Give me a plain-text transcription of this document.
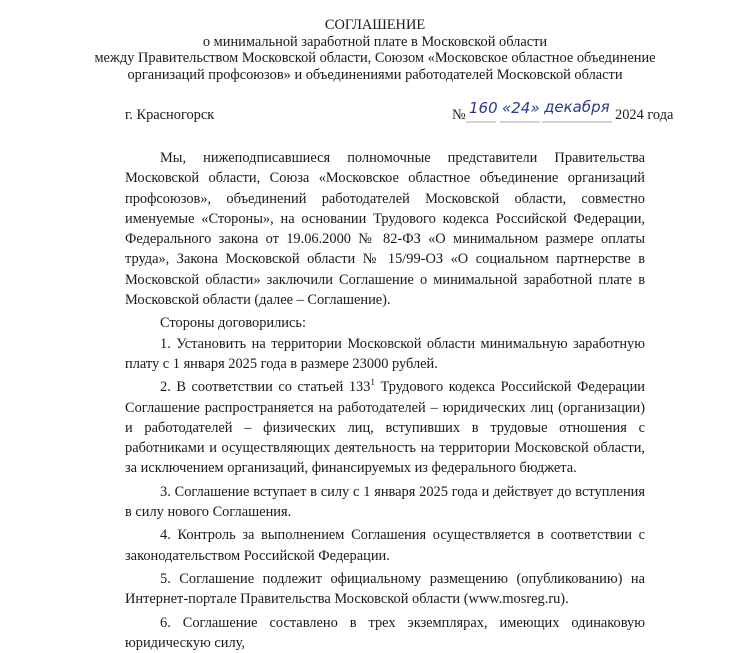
СОГЛАШЕНИЕ
о минимальной заработной плате в Московской области
между Правительством Московской области, Союзом «Московское областное объединение
организаций профсоюзов» и объединениями работодателей Московской области
г. Красногорск	№ 160 «24» декабря 2024 года

Мы, нижеподписавшиеся полномочные представители Правительства Московской области, Союза «Московское областное объединение организаций профсоюзов», объединений работодателей Московской области, совместно именуемые «Стороны», на основании Трудового кодекса Российской Федерации, Федерального закона от 19.06.2000 № 82-ФЗ «О минимальном размере оплаты труда», Закона Московской области № 15/99-ОЗ «О социальном партнерстве в Московской области» заключили Соглашение о минимальной заработной плате в Московской области (далее – Соглашение).

Стороны договорились:

1. Установить на территории Московской области минимальную заработную плату с 1 января 2025 года в размере 23000 рублей.

2. В соответствии со статьей $133^1$ Трудового кодекса Российской Федерации Соглашение распространяется на работодателей – юридических лиц (организации) и работодателей – физических лиц, вступивших в трудовые отношения с работниками и осуществляющих деятельность на территории Московской области, за исключением организаций, финансируемых из федерального бюджета.

3. Соглашение вступает в силу с 1 января 2025 года и действует до вступления в силу нового Соглашения.

4. Контроль за выполнением Соглашения осуществляется в соответствии с законодательством Российской Федерации.

5. Соглашение подлежит официальному размещению (опубликованию) на Интернет-портале Правительства Московской области (www.mosreg.ru).

6. Соглашение составлено в трех экземплярах, имеющих одинаковую юридическую силу,
